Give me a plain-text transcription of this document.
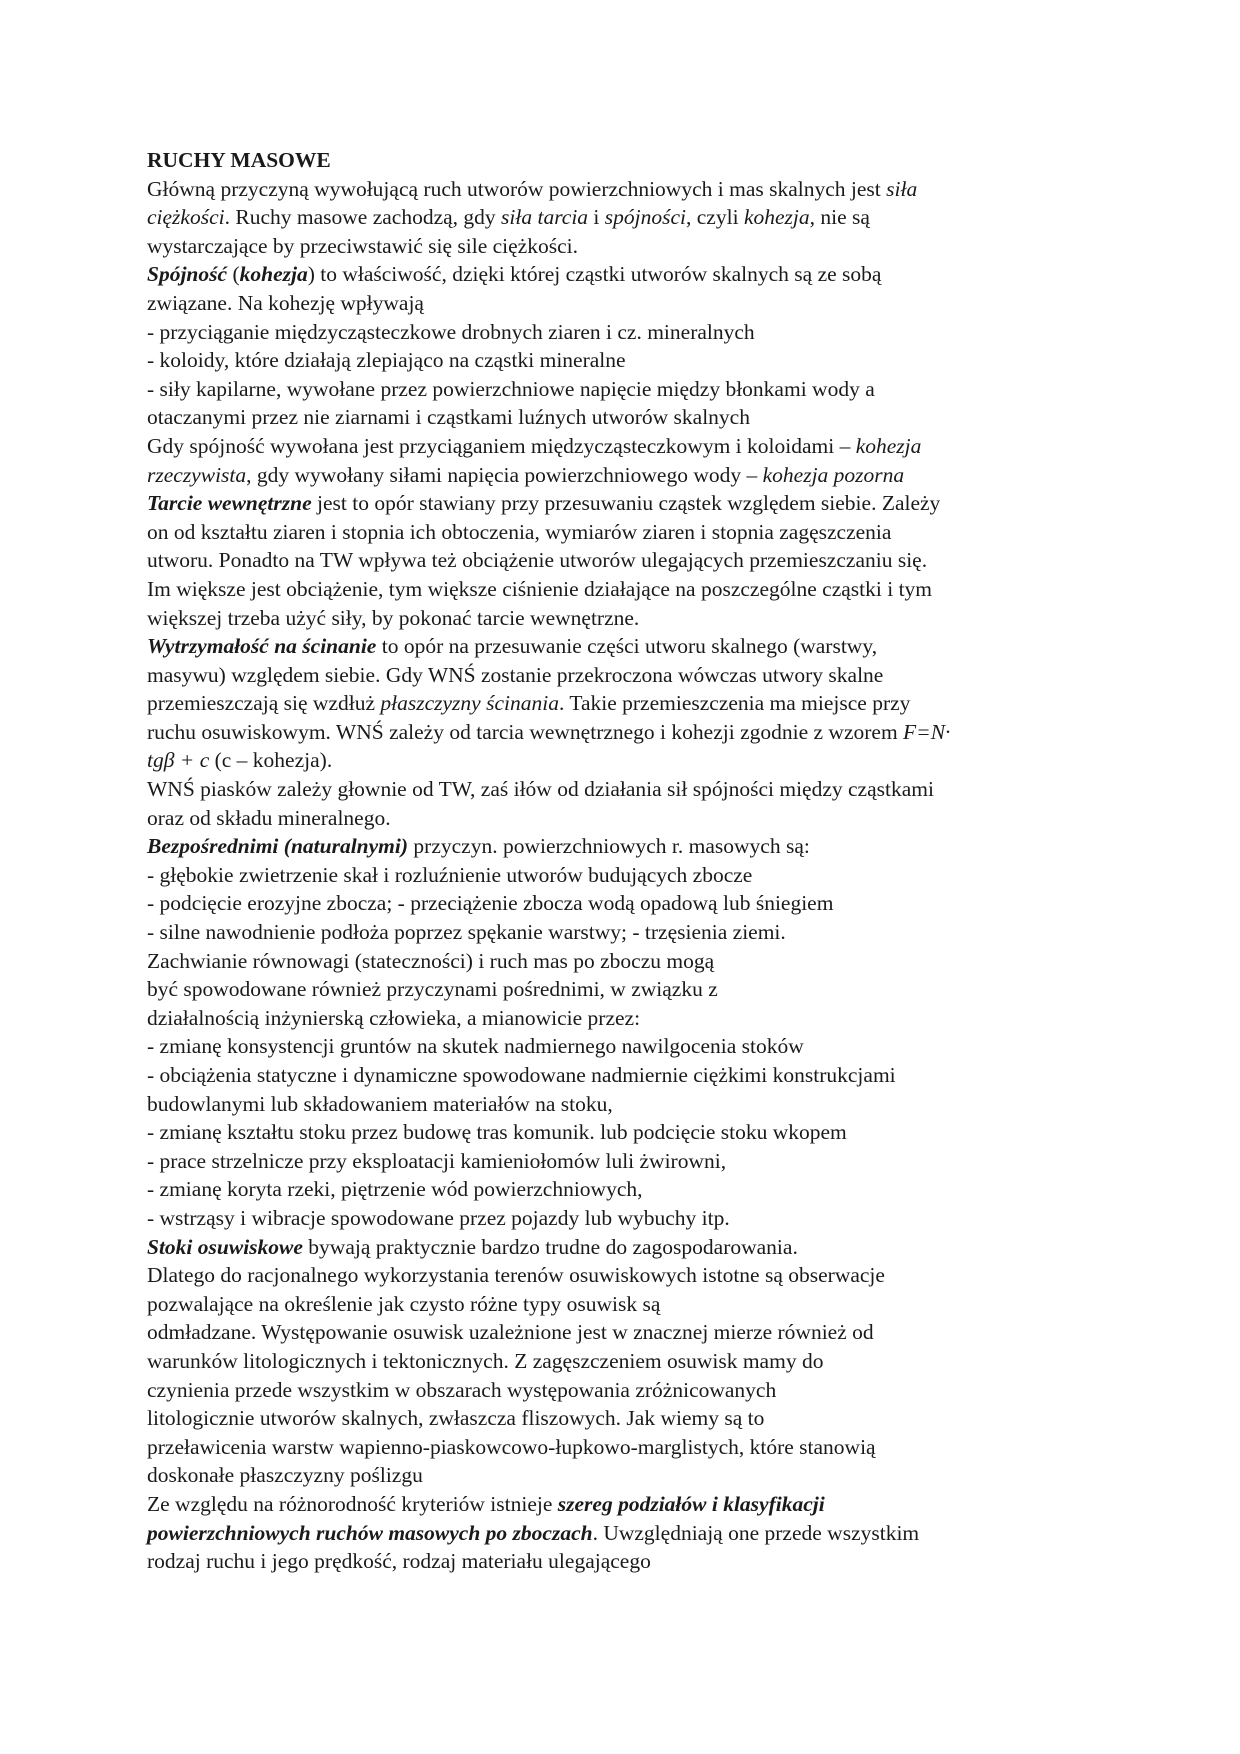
RUCHY MASOWE
Główną przyczyną wywołującą ruch utworów powierzchniowych i mas skalnych jest siła
ciężkości. Ruchy masowe zachodzą, gdy siła tarcia i spójności, czyli kohezja, nie są
wystarczające by przeciwstawić się sile ciężkości.
Spójność (kohezja) to właściwość, dzięki której cząstki utworów skalnych są ze sobą
związane. Na kohezję wpływają
- przyciąganie międzycząsteczkowe drobnych ziaren i cz. mineralnych
- koloidy, które działają zlepiająco na cząstki mineralne
- siły kapilarne, wywołane przez powierzchniowe napięcie między błonkami wody a
otaczanymi przez nie ziarnami i cząstkami luźnych utworów skalnych
Gdy spójność wywołana jest przyciąganiem międzycząsteczkowym i koloidami – kohezja
rzeczywista, gdy wywołany siłami napięcia powierzchniowego wody – kohezja pozorna
Tarcie wewnętrzne jest to opór stawiany przy przesuwaniu cząstek względem siebie. Zależy
on od kształtu ziaren i stopnia ich obtoczenia, wymiarów ziaren i stopnia zagęszczenia
utworu. Ponadto na TW wpływa też obciążenie utworów ulegających przemieszczaniu się.
Im większe jest obciążenie, tym większe ciśnienie działające na poszczególne cząstki i tym
większej trzeba użyć siły, by pokonać tarcie wewnętrzne.
Wytrzymałość na ścinanie to opór na przesuwanie części utworu skalnego (warstwy,
masywu) względem siebie. Gdy WNŚ zostanie przekroczona wówczas utwory skalne
przemieszczają się wzdłuż płaszczyzny ścinania. Takie przemieszczenia ma miejsce przy
ruchu osuwiskowym. WNŚ zależy od tarcia wewnętrznego i kohezji zgodnie z wzorem F=N·
tgβ + c (c – kohezja).
WNŚ piasków zależy głownie od TW, zaś iłów od działania sił spójności między cząstkami
oraz od składu mineralnego.
Bezpośrednimi (naturalnymi) przyczyn. powierzchniowych r. masowych są:
- głębokie zwietrzenie skał i rozluźnienie utworów budujących zbocze
- podcięcie erozyjne zbocza; - przeciążenie zbocza wodą opadową lub śniegiem
- silne nawodnienie podłoża poprzez spękanie warstwy; - trzęsienia ziemi.
Zachwianie równowagi (stateczności) i ruch mas po zboczu mogą
być spowodowane również przyczynami pośrednimi, w związku z
działalnością inżynierską człowieka, a mianowicie przez:
- zmianę konsystencji gruntów na skutek nadmiernego nawilgocenia stoków
- obciążenia statyczne i dynamiczne spowodowane nadmiernie ciężkimi konstrukcjami
budowlanymi lub składowaniem materiałów na stoku,
- zmianę kształtu stoku przez budowę tras komunik. lub podcięcie stoku wkopem
- prace strzelnicze przy eksploatacji kamieniołomów luli żwirowni,
- zmianę koryta rzeki, piętrzenie wód powierzchniowych,
- wstrząsy i wibracje spowodowane przez pojazdy lub wybuchy itp.
Stoki osuwiskowe bywają praktycznie bardzo trudne do zagospodarowania.
Dlatego do racjonalnego wykorzystania terenów osuwiskowych istotne są obserwacje
pozwalające na określenie jak czysto różne typy osuwisk są
odmładzane. Występowanie osuwisk uzależnione jest w znacznej mierze również od
warunków litologicznych i tektonicznych. Z zagęszczeniem osuwisk mamy do
czynienia przede wszystkim w obszarach występowania zróżnicowanych
litologicznie utworów skalnych, zwłaszcza fliszowych. Jak wiemy są to
przeławicenia warstw wapienno-piaskowcowo-łupkowo-marglistych, które stanowią
doskonałe płaszczyzny poślizgu
Ze względu na różnorodność kryteriów istnieje szereg podziałów i klasyfikacji
powierzchniowych ruchów masowych po zboczach. Uwzględniają one przede wszystkim
rodzaj ruchu i jego prędkość, rodzaj materiału ulegającego
